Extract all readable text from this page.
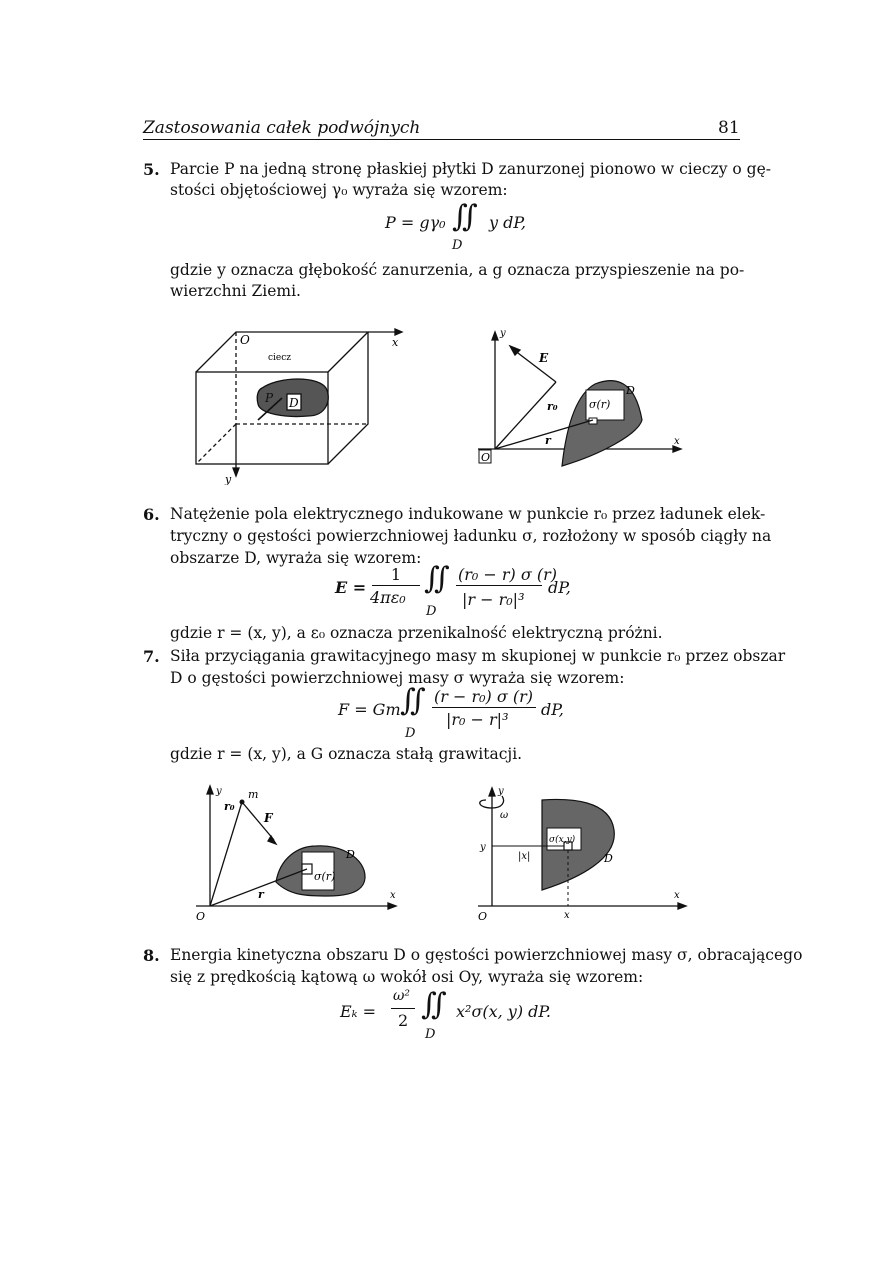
Zastosowania całek podwójnych	81
5. Parcie P na jedną stronę płaskiej płytki D zanurzonej pionowo w cieczy o gę-
stości objętościowej γ₀ wyraża się wzorem:
P = gγ₀ ∬ y dP,
D
gdzie y oznacza głębokość zanurzenia, a g oznacza przyspieszenie na po-
wierzchni Ziemi.
O	x
y
ciecz
P D
E
r₀	σ(r)
D
r
y
x
O
6. Natężenie pola elektrycznego indukowane w punkcie r₀ przez ładunek elek-
tryczny o gęstości powierzchniowej ładunku σ, rozłożony w sposób ciągły na
obszarze D, wyraża się wzorem:
E =
1
4πε₀
∬ (r₀ − r) σ (r)
|r − r₀|³
dP,
D
gdzie r = (x, y), a ε₀ oznacza przenikalność elektryczną próżni.
7. Siła przyciągania grawitacyjnego masy m skupionej w punkcie r₀ przez obszar
D o gęstości powierzchniowej masy σ wyraża się wzorem:
F = Gm ∬ (r − r₀) σ (r)
|r₀ − r|³
dP,
D
gdzie r = (x, y), a G oznacza stałą grawitacji.
y m
r₀
F
D
σ(r)
r	x
O
y
ω
σ(x,y)
y
|x|	D
x
O	x
8. Energia kinetyczna obszaru D o gęstości powierzchniowej masy σ, obracającego
się z prędkością kątową ω wokół osi Oy, wyraża się wzorem:
Eₖ =
ω²
2 ∬ x²σ(x, y) dP.
D
